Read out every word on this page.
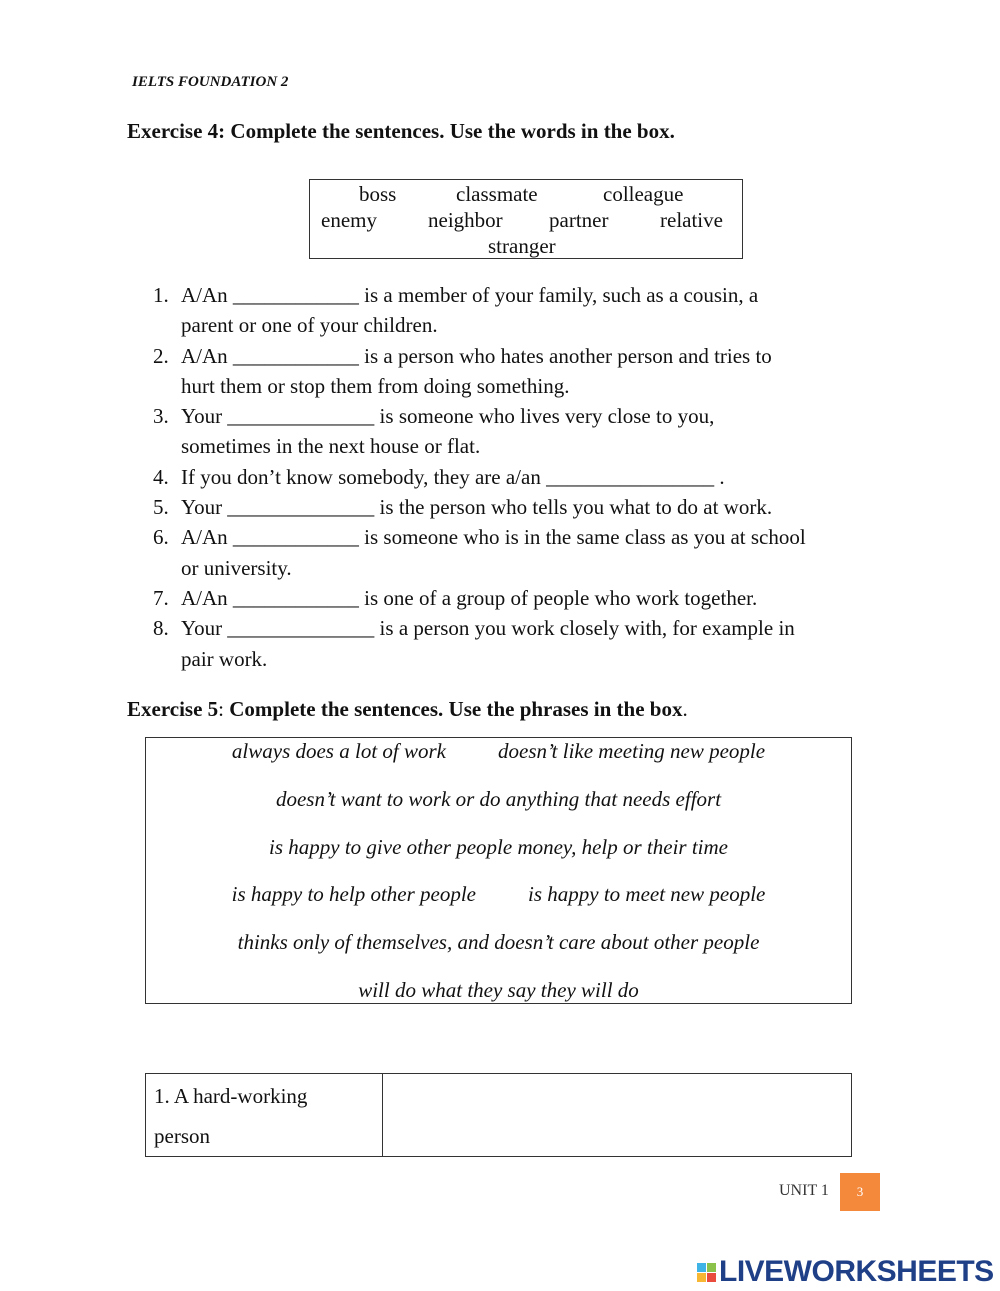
IELTS FOUNDATION 2
Exercise 4: Complete the sentences. Use the words in the box.
boss	classmate	colleague
enemy neighbor partner relative
stranger
1. A/An ____________ is a member of your family, such as a cousin, a
parent or one of your children.
2. A/An ____________ is a person who hates another person and tries to
hurt them or stop them from doing something.
3. Your ______________ is someone who lives very close to you,
sometimes in the next house or flat.
4. If you don’t know somebody, they are a/an ________________ .
5. Your ______________ is the person who tells you what to do at work.
6. A/An ____________ is someone who is in the same class as you at school
or university.
7. A/An ____________ is one of a group of people who work together.
8. Your ______________ is a person you work closely with, for example in
pair work.
Exercise 5: Complete the sentences. Use the phrases in the box.
always does a lot of work doesn’t like meeting new people
doesn’t want to work or do anything that needs effort
is happy to give other people money, help or their time
is happy to help other people is happy to meet new people
thinks only of themselves, and doesn’t care about other people
will do what they say they will do
1. A hard-working
person

UNIT 1	3
LIVEWORKSHEETS
